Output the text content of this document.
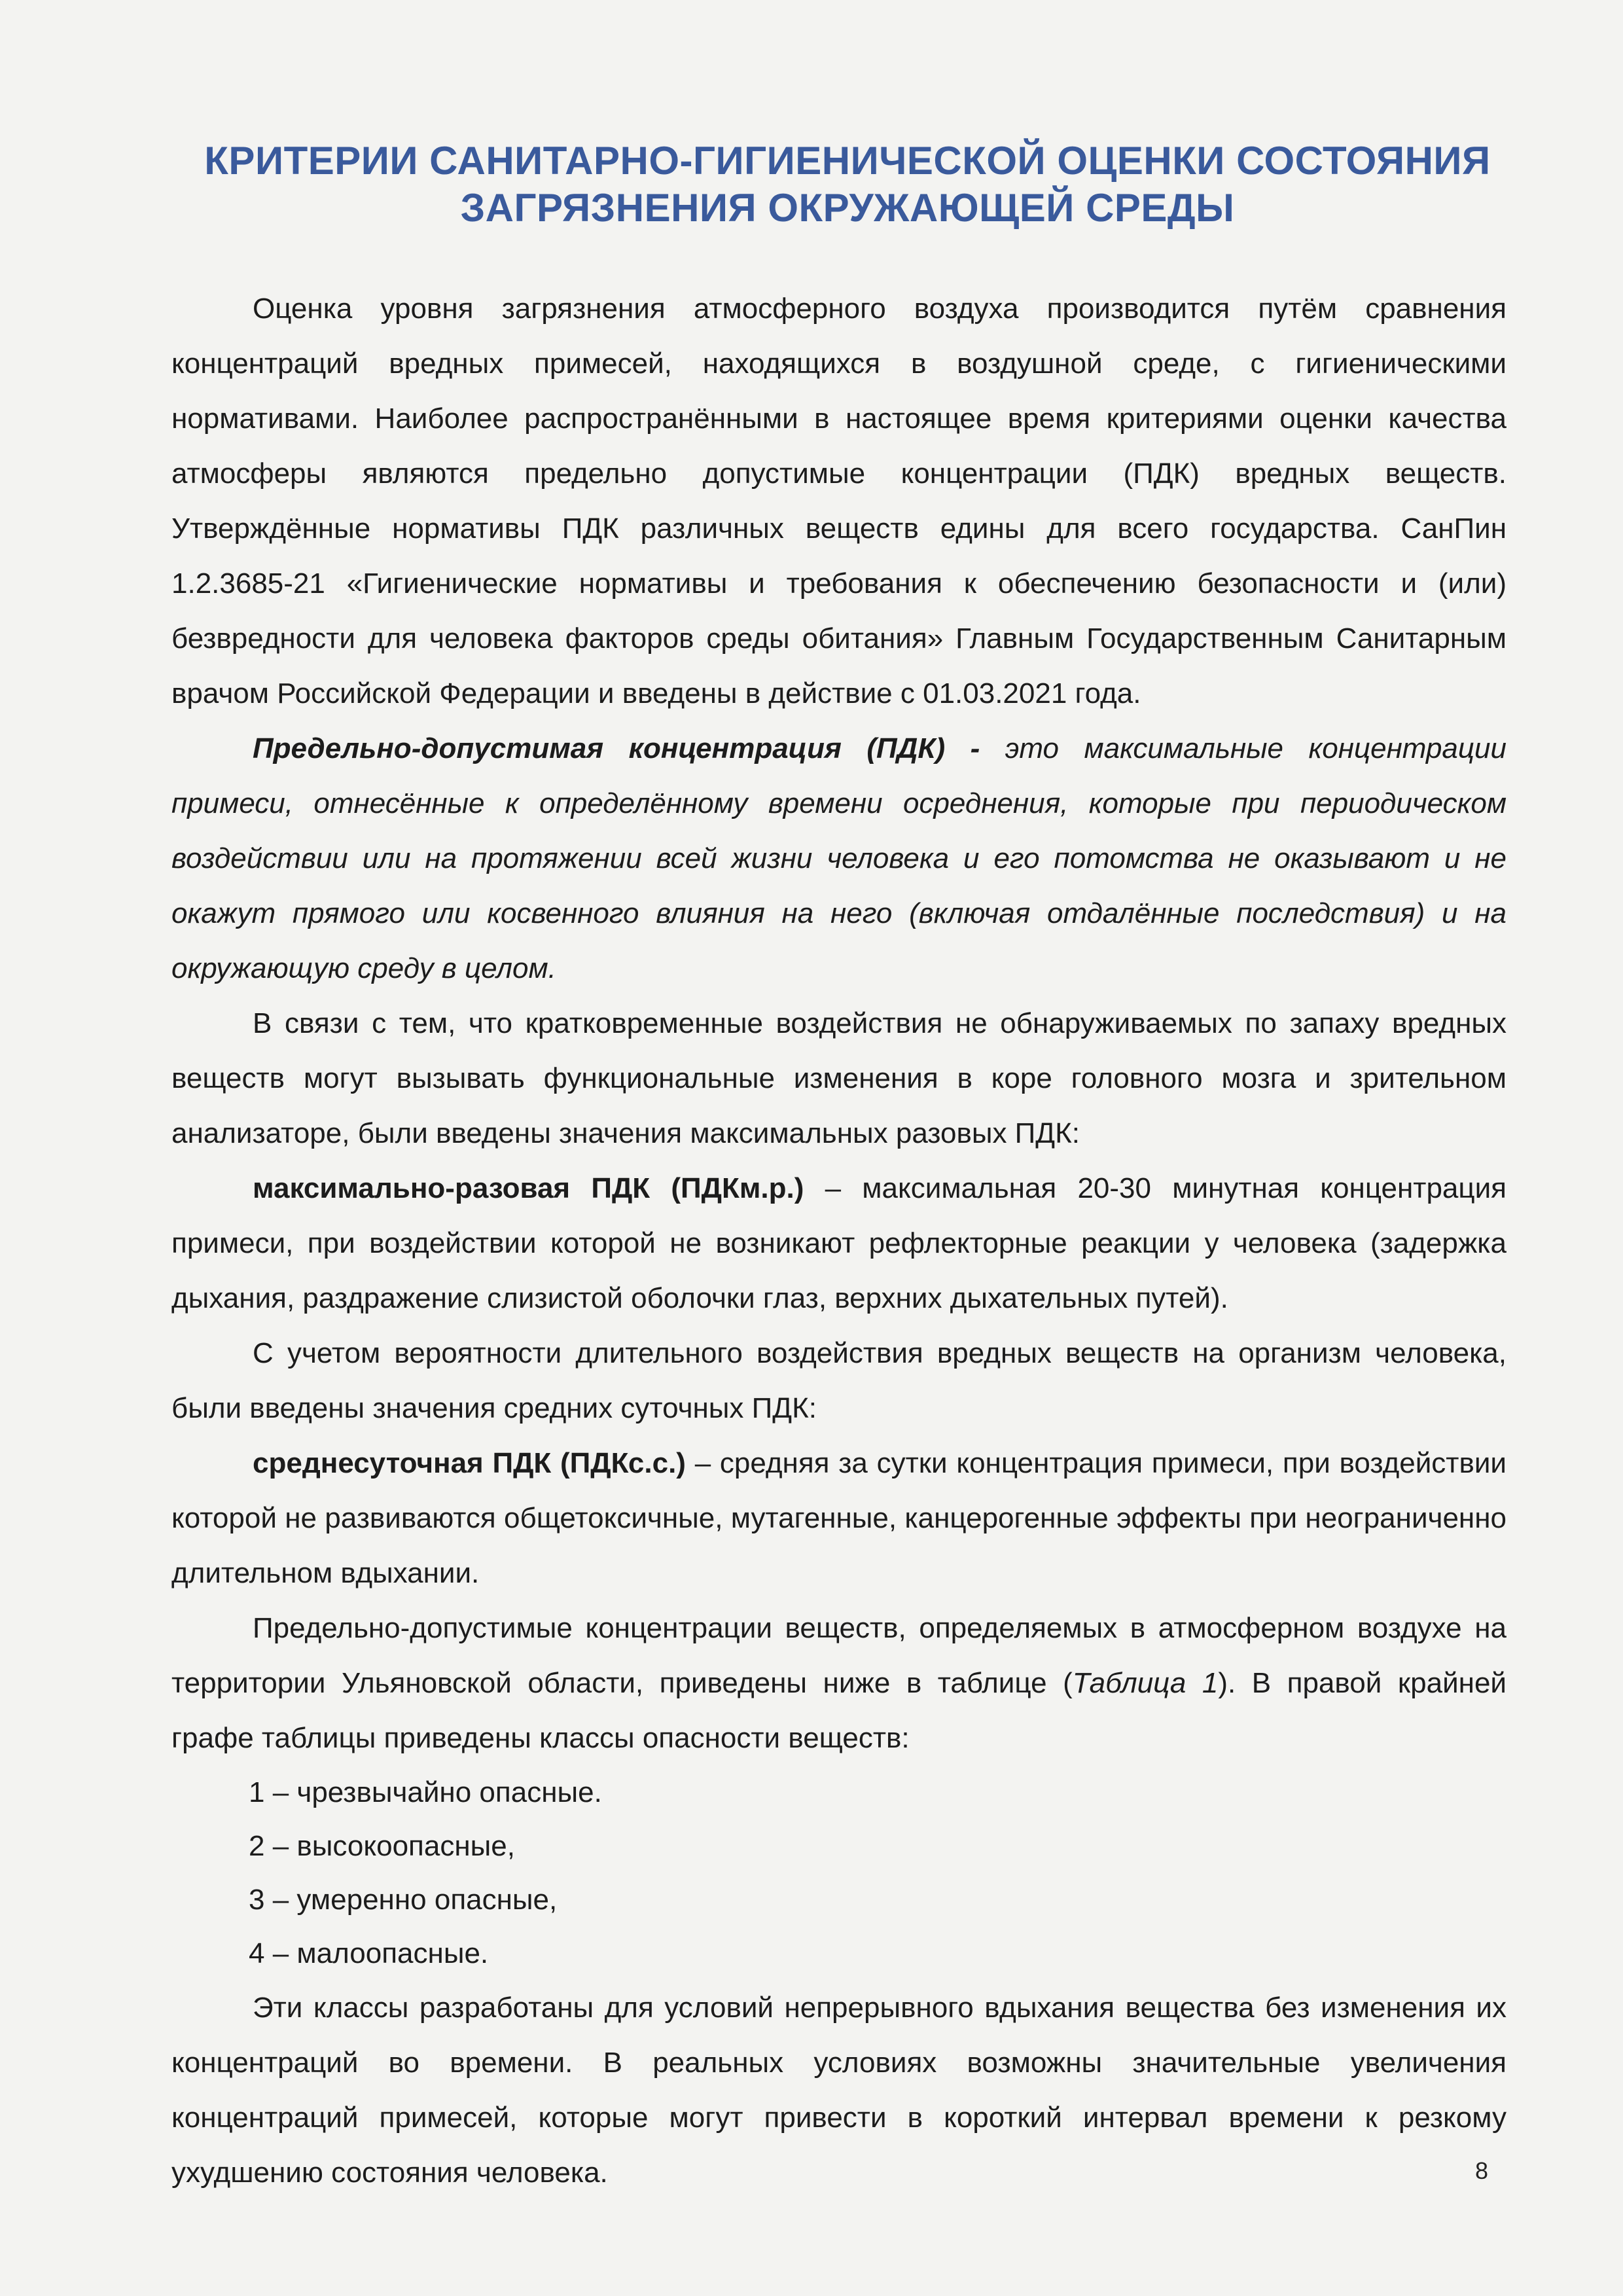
КРИТЕРИИ САНИТАРНО-ГИГИЕНИЧЕСКОЙ ОЦЕНКИ СОСТОЯНИЯ
ЗАГРЯЗНЕНИЯ ОКРУЖАЮЩЕЙ СРЕДЫ

Оценка уровня загрязнения атмосферного воздуха производится путём сравнения концентраций вредных примесей, находящихся в воздушной среде, с гигиеническими нормативами. Наиболее распространёнными в настоящее время критериями оценки качества атмосферы являются предельно допустимые концентрации (ПДК) вредных веществ. Утверждённые нормативы ПДК различных веществ едины для всего государства. СанПин 1.2.3685-21 «Гигиенические нормативы и требования к обеспечению безопасности и (или) безвредности для человека факторов среды обитания» Главным Государственным Санитарным врачом Российской Федерации и введены в действие с 01.03.2021 года.

Предельно-допустимая концентрация (ПДК) - это максимальные концентрации примеси, отнесённые к определённому времени осреднения, которые при периодическом воздействии или на протяжении всей жизни человека и его потомства не оказывают и не окажут прямого или косвенного влияния на него (включая отдалённые последствия) и на окружающую среду в целом.

В связи с тем, что кратковременные воздействия не обнаруживаемых по запаху вредных веществ могут вызывать функциональные изменения в коре головного мозга и зрительном анализаторе, были введены значения максимальных разовых ПДК:

максимально-разовая ПДК (ПДКм.р.) – максимальная 20-30 минутная концентрация примеси, при воздействии которой не возникают рефлекторные реакции у человека (задержка дыхания, раздражение слизистой оболочки глаз, верхних дыхательных путей).

С учетом вероятности длительного воздействия вредных веществ на организм человека, были введены значения средних суточных ПДК:

среднесуточная ПДК (ПДКс.с.) – средняя за сутки концентрация примеси, при воздействии которой не развиваются общетоксичные, мутагенные, канцерогенные эффекты при неограниченно длительном вдыхании.

Предельно-допустимые концентрации веществ, определяемых в атмосферном воздухе на территории Ульяновской области, приведены ниже в таблице (Таблица 1). В правой крайней графе таблицы приведены классы опасности веществ:

1 – чрезвычайно опасные.
2 – высокоопасные,
3 – умеренно опасные,
4 – малоопасные.

Эти классы разработаны для условий непрерывного вдыхания вещества без изменения их концентраций во времени. В реальных условиях возможны значительные увеличения концентраций примесей, которые могут привести в короткий интервал времени к резкому ухудшению состояния человека.	8
